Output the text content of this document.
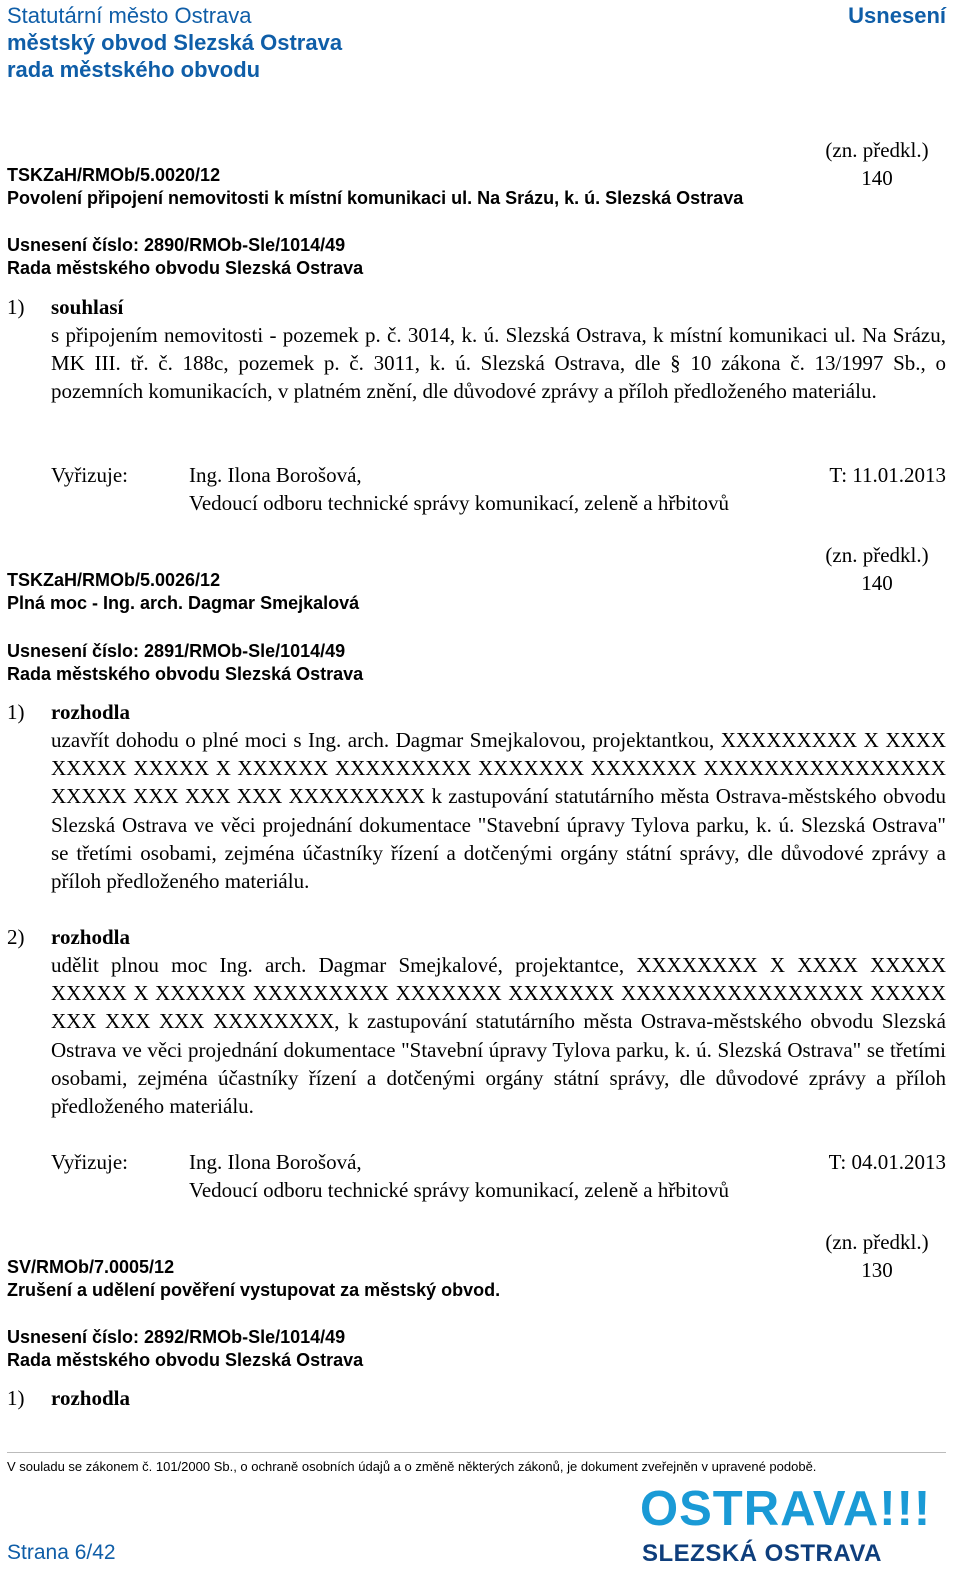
Statutární město Ostrava
městský obvod Slezská Ostrava
rada městského obvodu
Usnesení
(zn. předkl.)
140
TSKZaH/RMOb/5.0020/12
Povolení připojení nemovitosti k místní komunikaci ul. Na Srázu, k. ú. Slezská Ostrava
Usnesení číslo: 2890/RMOb-Sle/1014/49
Rada městského obvodu Slezská Ostrava
1) souhlasí
s připojením nemovitosti - pozemek p. č. 3014, k. ú. Slezská Ostrava, k místní komunikaci ul. Na Srázu, MK III. tř. č. 188c, pozemek p. č. 3011, k. ú. Slezská Ostrava, dle § 10 zákona č. 13/1997 Sb., o pozemních komunikacích, v platném znění, dle důvodové zprávy a příloh předloženého materiálu.
Vyřizuje:	Ing. Ilona Borošová,
Vedoucí odboru technické správy komunikací, zeleně a hřbitovů
T: 11.01.2013
(zn. předkl.)
140
TSKZaH/RMOb/5.0026/12
Plná moc - Ing. arch. Dagmar Smejkalová
Usnesení číslo: 2891/RMOb-Sle/1014/49
Rada městského obvodu Slezská Ostrava
1) rozhodla
uzavřít dohodu o plné moci s Ing. arch. Dagmar Smejkalovou, projektantkou, XXXXXXXXX X XXXX XXXXX XXXXX X XXXXXX XXXXXXXXX XXXXXXX XXXXXXX XXXXXXXXXXXXXXXX XXXXX XXX XXX XXX XXXXXXXXX k zastupování statutárního města Ostrava-městského obvodu Slezská Ostrava ve věci projednání dokumentace "Stavební úpravy Tylova parku, k. ú. Slezská Ostrava" se třetími osobami, zejména účastníky řízení a dotčenými orgány státní správy, dle důvodové zprávy a příloh předloženého materiálu.
2) rozhodla
udělit plnou moc Ing. arch. Dagmar Smejkalové, projektantce, XXXXXXXX X XXXX XXXXX XXXXX X XXXXXX XXXXXXXXX XXXXXXX XXXXXXX XXXXXXXXXXXXXXXX XXXXX XXX XXX XXX XXXXXXXX, k zastupování statutárního města Ostrava-městského obvodu Slezská Ostrava ve věci projednání dokumentace "Stavební úpravy Tylova parku, k. ú. Slezská Ostrava" se třetími osobami, zejména účastníky řízení a dotčenými orgány státní správy, dle důvodové zprávy a příloh předloženého materiálu.
Vyřizuje:	Ing. Ilona Borošová,
Vedoucí odboru technické správy komunikací, zeleně a hřbitovů
T: 04.01.2013
(zn. předkl.)
130
SV/RMOb/7.0005/12
Zrušení a udělení pověření vystupovat za městský obvod.
Usnesení číslo: 2892/RMOb-Sle/1014/49
Rada městského obvodu Slezská Ostrava
1) rozhodla
V souladu se zákonem č. 101/2000 Sb., o ochraně osobních údajů a o změně některých zákonů, je dokument zveřejněn v upravené podobě.
Strana 6/42
OSTRAVA!!!
SLEZSKÁ OSTRAVA
